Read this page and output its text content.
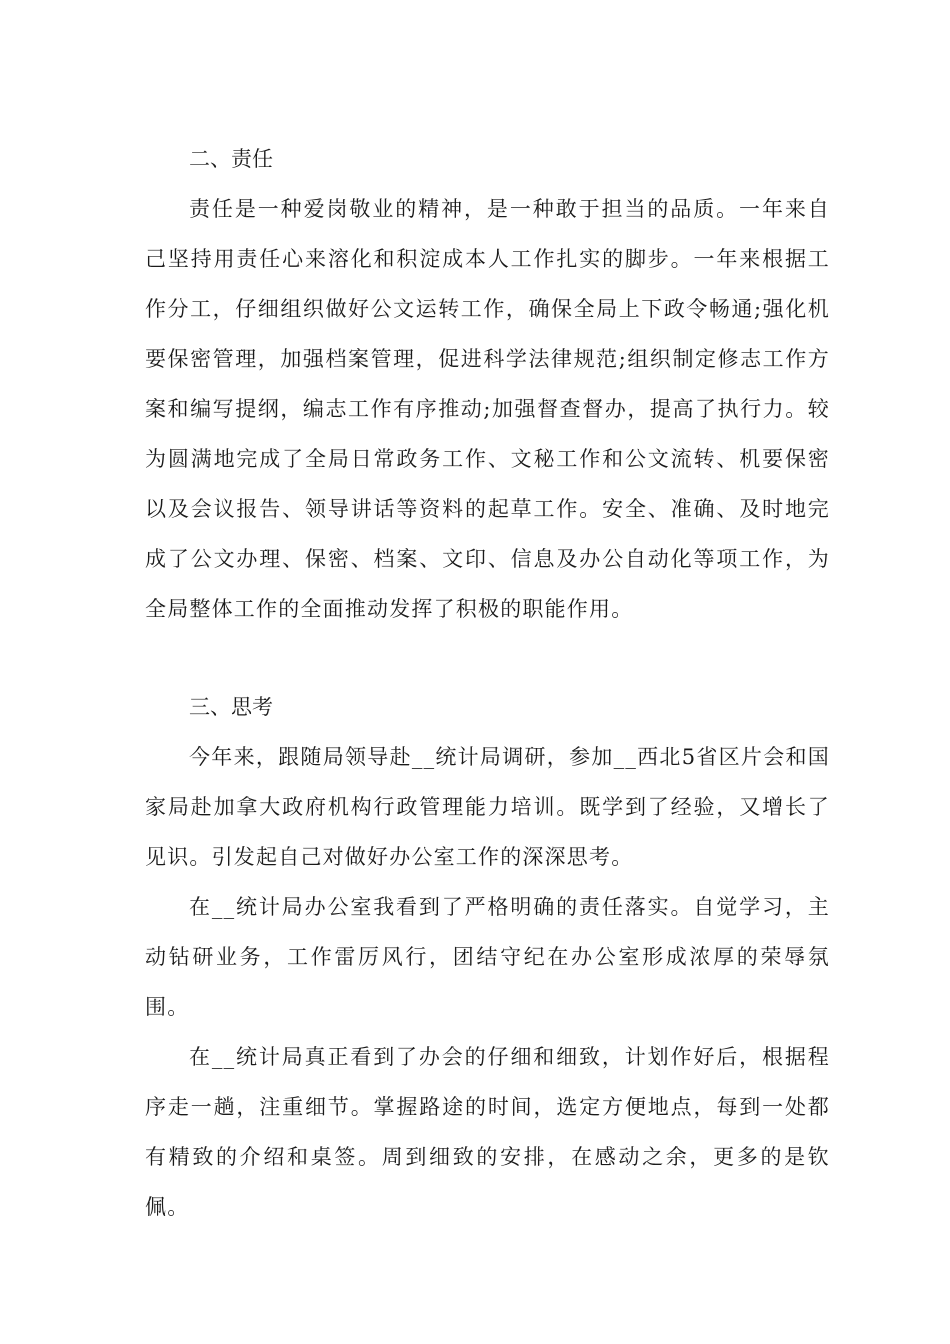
二、责任

责任是一种爱岗敬业的精神，是一种敢于担当的品质。一年来自己坚持用责任心来溶化和积淀成本人工作扎实的脚步。一年来根据工作分工，仔细组织做好公文运转工作，确保全局上下政令畅通;强化机要保密管理，加强档案管理，促进科学法律规范;组织制定修志工作方案和编写提纲，编志工作有序推动;加强督查督办，提高了执行力。较为圆满地完成了全局日常政务工作、文秘工作和公文流转、机要保密以及会议报告、领导讲话等资料的起草工作。安全、准确、及时地完成了公文办理、保密、档案、文印、信息及办公自动化等项工作，为全局整体工作的全面推动发挥了积极的职能作用。

三、思考

今年来，跟随局领导赴__统计局调研，参加__西北5省区片会和国家局赴加拿大政府机构行政管理能力培训。既学到了经验，又增长了见识。引发起自己对做好办公室工作的深深思考。

在__统计局办公室我看到了严格明确的责任落实。自觉学习，主动钻研业务，工作雷厉风行，团结守纪在办公室形成浓厚的荣辱氛围。

在__统计局真正看到了办会的仔细和细致，计划作好后，根据程序走一趟，注重细节。掌握路途的时间，选定方便地点，每到一处都有精致的介绍和桌签。周到细致的安排，在感动之余，更多的是钦佩。
